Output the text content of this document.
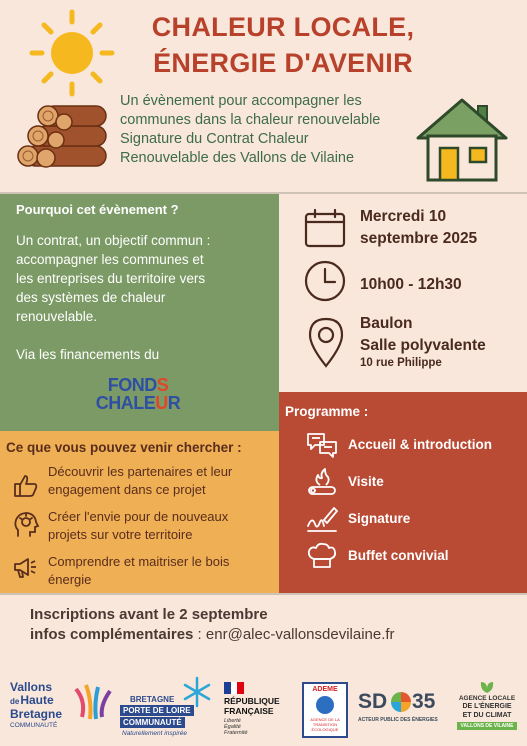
CHALEUR LOCALE,
ÉNERGIE D'AVENIR
Un évènement pour accompagner les
communes dans la chaleur renouvelable
Signature du Contrat Chaleur
Renouvelable des Vallons de Vilaine
Pourquoi cet évènement ?
Un contrat, un objectif commun :
accompagner les communes et
les entreprises du territoire vers
des systèmes de chaleur
renouvelable.
Via les financements du
FONDS
CHALEUR
Ce que vous pouvez venir chercher :
Découvrir les partenaires et leur
engagement dans ce projet
Créer l'envie pour de nouveaux
projets sur votre territoire
Comprendre et maitriser le bois
énergie
Mercredi 10
septembre 2025
10h00 - 12h30
Baulon
Salle polyvalente
10 rue Philippe
Programme :
Accueil & introduction
Visite
Signature
Buffet convivial
Inscriptions avant le 2 septembre
infos complémentaires : enr@alec-vallonsdevilaine.fr
Vallons
deHaute
Bretagne
COMMUNAUTÉ
BRETAGNE
PORTE DE LOIRE
COMMUNAUTÉ
Naturellement inspirée
RÉPUBLIQUE
FRANÇAISE
Liberté
Égalité
Fraternité
ADEME
AGENCE DE LA
TRANSITION
ÉCOLOGIQUE
SD 35
ACTEUR PUBLIC DES ÉNERGIES
AGENCE LOCALE
DE L'ÉNERGIE
ET DU CLIMAT
VALLONS DE VILAINE
